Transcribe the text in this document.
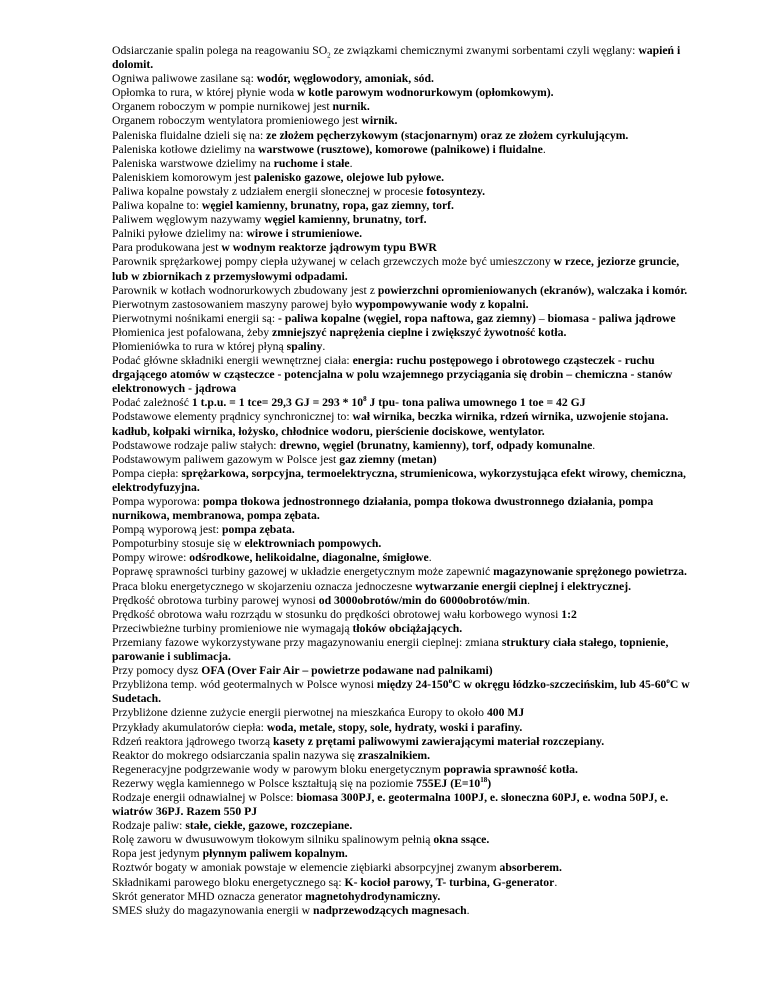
Odsiarczanie spalin polega na reagowaniu $SO_2$ ze związkami chemicznymi zwanymi sorbentami czyli węglany: wapień i dolomit.

Ogniwa paliwowe zasilane są: wodór, węglowodory, amoniak, sód.

Opłomka to rura, w której płynie woda w kotle parowym wodnorurkowym (opłomkowym).

Organem roboczym w pompie nurnikowej jest nurnik.

Organem roboczym wentylatora promieniowego jest wirnik.

Paleniska fluidalne dzieli się na: ze złożem pęcherzykowym (stacjonarnym) oraz ze złożem cyrkulującym.

Paleniska kotłowe dzielimy na warstwowe (rusztowe), komorowe (palnikowe) i fluidalne.

Paleniska warstwowe dzielimy na ruchome i stałe.

Paleniskiem komorowym jest palenisko gazowe, olejowe lub pyłowe.

Paliwa kopalne powstały z udziałem energii słonecznej w procesie fotosyntezy.

Paliwa kopalne to: węgiel kamienny, brunatny, ropa, gaz ziemny, torf.

Paliwem węglowym nazywamy węgiel kamienny, brunatny, torf.

Palniki pyłowe dzielimy na: wirowe i strumieniowe.

Para produkowana jest w wodnym reaktorze jądrowym typu BWR

Parownik sprężarkowej pompy ciepła używanej w celach grzewczych może być umieszczony w rzece, jeziorze gruncie, lub w zbiornikach z przemysłowymi odpadami.

Parownik w kotłach wodnorurkowych zbudowany jest z powierzchni opromieniowanych (ekranów), walczaka i komór.

Pierwotnym zastosowaniem maszyny parowej było wypompowywanie wody z kopalni.

Pierwotnymi nośnikami energii są: - paliwa kopalne (węgiel, ropa naftowa, gaz ziemny) – biomasa - paliwa jądrowe

Płomienica jest pofalowana, żeby zmniejszyć naprężenia cieplne i zwiększyć żywotność kotła.

Płomieniówka to rura w której płyną spaliny.

Podać główne składniki energii wewnętrznej ciała: energia: ruchu postępowego i obrotowego cząsteczek - ruchu drgającego atomów w cząsteczce - potencjalna w polu wzajemnego przyciągania się drobin – chemiczna - stanów elektronowych - jądrowa

Podać zależność 1 t.p.u. = 1 tce= 29,3 GJ = $293 * 10^8$ J tpu- tona paliwa umownego 1 toe = 42 GJ

Podstawowe elementy prądnicy synchronicznej to: wał wirnika, beczka wirnika, rdzeń wirnika, uzwojenie stojana. kadłub, kołpaki wirnika, łożysko, chłodnice wodoru, pierścienie dociskowe, wentylator.

Podstawowe rodzaje paliw stałych: drewno, węgiel (brunatny, kamienny), torf, odpady komunalne.

Podstawowym paliwem gazowym w Polsce jest gaz ziemny (metan)

Pompa ciepła: sprężarkowa, sorpcyjna, termoelektryczna, strumienicowa, wykorzystująca efekt wirowy, chemiczna, elektrodyfuzyjna.

Pompa wyporowa: pompa tłokowa jednostronnego działania, pompa tłokowa dwustronnego działania, pompa nurnikowa, membranowa, pompa zębata.

Pompą wyporową jest: pompa zębata.

Pompoturbiny stosuje się w elektrowniach pompowych.

Pompy wirowe: odśrodkowe, helikoidalne, diagonalne, śmigłowe.

Poprawę sprawności turbiny gazowej w układzie energetycznym może zapewnić magazynowanie sprężonego powietrza.

Praca bloku energetycznego w skojarzeniu oznacza jednoczesne wytwarzanie energii cieplnej i elektrycznej.

Prędkość obrotowa turbiny parowej wynosi od 3000obrotów/min do 6000obrotów/min.

Prędkość obrotowa wału rozrządu w stosunku do prędkości obrotowej wału korbowego wynosi 1:2

Przeciwbieżne turbiny promieniowe nie wymagają tłoków obciążających.

Przemiany fazowe wykorzystywane przy magazynowaniu energii cieplnej: zmiana struktury ciała stałego, topnienie, parowanie i sublimacja.

Przy pomocy dysz OFA (Over Fair Air – powietrze podawane nad palnikami)

Przybliżona temp. wód geotermalnych w Polsce wynosi między 24-150$^o$C w okręgu łódzko-szczecińskim, lub 45-60$^o$C w Sudetach.

Przybliżone dzienne zużycie energii pierwotnej na mieszkańca Europy to około 400 MJ

Przykłady akumulatorów ciepła: woda, metale, stopy, sole, hydraty, woski i parafiny.

Rdzeń reaktora jądrowego tworzą kasety z prętami paliwowymi zawierającymi materiał rozczepiany.

Reaktor do mokrego odsiarczania spalin nazywa się zraszalnikiem.

Regeneracyjne podgrzewanie wody w parowym bloku energetycznym poprawia sprawność kotła.

Rezerwy węgla kamiennego w Polsce kształtują się na poziomie 755EJ $(E=10^{18})$

Rodzaje energii odnawialnej w Polsce: biomasa 300PJ, e. geotermalna 100PJ, e. słoneczna 60PJ, e. wodna 50PJ, e. wiatrów 36PJ. Razem 550 PJ

Rodzaje paliw: stałe, ciekłe, gazowe, rozczepiane.

Rolę zaworu w dwusuwowym tłokowym silniku spalinowym pełnią okna ssące.

Ropa jest jedynym płynnym paliwem kopalnym.

Roztwór bogaty w amoniak powstaje w elemencie ziębiarki absorpcyjnej zwanym absorberem.

Składnikami parowego bloku energetycznego są: K- kocioł parowy, T- turbina, G-generator.

Skrót generator MHD oznacza generator magnetohydrodynamiczny.

SMES służy do magazynowania energii w nadprzewodzących magnesach.
